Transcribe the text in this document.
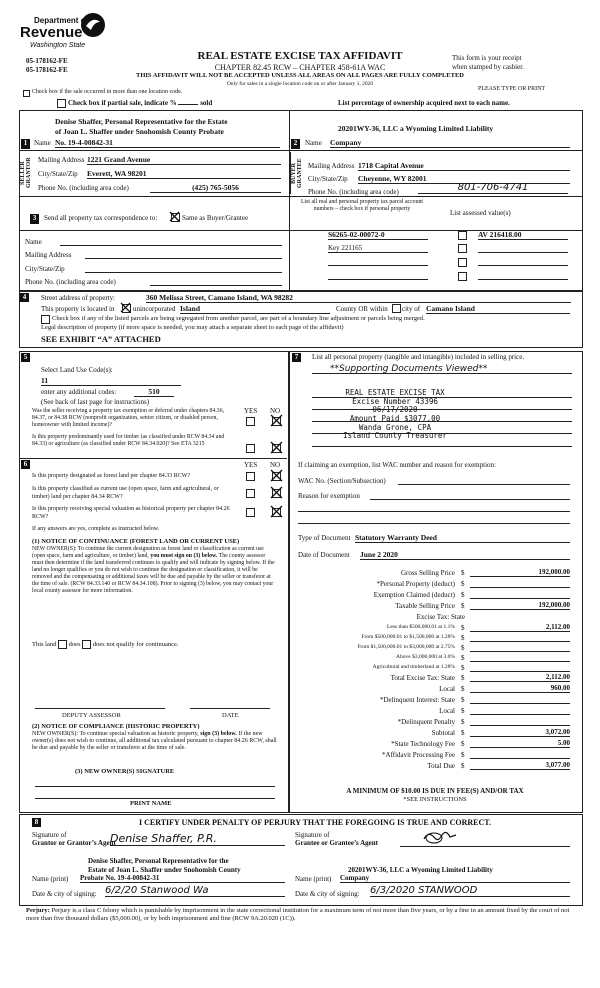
Department of
Revenue
Washington State
05-178162-FE
05-178162-FE
REAL ESTATE EXCISE TAX AFFIDAVIT
CHAPTER 82.45 RCW – CHAPTER 458-61A WAC
THIS AFFIDAVIT WILL NOT BE ACCEPTED UNLESS ALL AREAS ON ALL PAGES ARE FULLY COMPLETED
Only for sales in a single location code on or after January 1, 2020
This form is your receipt
when stamped by cashier.
PLEASE TYPE OR PRINT
Check box if the sale occurred in more than one location code.
Check box if partial sale, indicate %	sold	List percentage of ownership acquired next to each name.
1
Denise Shaffer, Personal Representative for the Estate
of Joan L. Shaffer under Snohomish County Probate
Name No. 19-4-00842-31
SELLER GRANTOR Mailing Address 1221 Grand Avenue
City/State/Zip Everett, WA 98201
Phone No. (including area code)	(425) 765-5056
2
20201WY-36, LLC a Wyoming Limited Liability
Name Company
BUYER GRANTEE Mailing Address 1718 Capital Avenue
City/State/Zip Cheyenne, WY 82001
Phone No. (including area code)	801-706-4741
3	Send all property tax correspondence to:	Same as Buyer/Grantee
Name
Mailing Address
City/State/Zip
Phone No. (including area code)
List all real and personal property tax parcel account numbers – check box if personal property
List assessed value(s)
S6265-02-00072-0	AV 216418.00
Key 221165
4	Street address of property:	360 Melissa Street, Camano Island, WA 98282
This property is located in	unincorporated Island	County OR within city of Camano Island
Check box if any of the listed parcels are being segregated from another parcel, are part of a boundary line adjustment or parcels being merged.
Legal description of property (if more space is needed, you may attach a separate sheet to each page of the affidavit)
SEE EXHIBIT “A” ATTACHED
5
Select Land Use Code(s):
11
enter any additional codes:	510
(See back of last page for instructions)
YES NO
Was the seller receiving a property tax exemption or deferral under chapters 84.36, 84.37, or 84.38 RCW (nonprofit organization, senior citizen, or disabled person, homeowner with limited income)?
Is this property predominantly used for timber (as classified under RCW 84.34 and 84.33) or agriculture (as classified under RCW 84.34.020)? See ETA 3215
6	YES NO
Is this property designated as forest land per chapter 84.33 RCW?
Is this property classified as current use (open space, farm and agricultural, or timber) land per chapter 84.34 RCW?
Is this property receiving special valuation as historical property per chapter 84.26 RCW?
If any answers are yes, complete as instructed below.
(1) NOTICE OF CONTINUANCE (FOREST LAND OR CURRENT USE)
NEW OWNER(S): To continue the current designation as forest land or classification as current use (open space, farm and agriculture, or timber) land, you must sign on (3) below. The county assessor must then determine if the land transferred continues to qualify and will indicate by signing below. If the land no longer qualifies or you do not wish to continue the designation or classification, it will be removed and the compensating or additional taxes will be due and payable by the seller or transferor at the time of sale. (RCW 84.33.140 or RCW 84.34.108). Prior to signing (3) below, you may contact your local county assessor for more information.
This land does does not qualify for continuance.
DEPUTY ASSESSOR	DATE
(2) NOTICE OF COMPLIANCE (HISTORIC PROPERTY)
NEW OWNER(S): To continue special valuation as historic property, sign (3) below. If the new owner(s) does not wish to continue, all additional tax calculated pursuant to chapter 84.26 RCW, shall be due and payable by the seller or transferor at the time of sale.
(3) NEW OWNER(S) SIGNATURE
PRINT NAME
7	List all personal property (tangible and intangible) included in selling price.
**Supporting Documents Viewed**
REAL ESTATE EXCISE TAX
Excise Number 43396
06/17/2020
Amount Paid $3077.00
Wanda Grone, CPA
Island County Treasurer
If claiming an exemption, list WAC number and reason for exemption:
WAC No. (Section/Subsection)
Reason for exemption
Type of Document Statutory Warranty Deed
Date of Document June 2 2020
Gross Selling Price $	192,000.00
*Personal Property (deduct) $
Exemption Claimed (deduct) $
Taxable Selling Price $	192,000.00
Excise Tax: State
Less than $500,000.01 at 1.1% $	2,112.00
From $500,000.01 to $1,500,000 at 1.28% $
From $1,500,000.01 to $3,000,000 at 2.75% $
Above $3,000,000 at 3.0% $
Agricultural and timberland at 1.28% $
Total Excise Tax: State $	2,112.00
Local $	960.00
*Delinquent Interest: State $
Local $
*Delinquent Penalty $
Subtotal $	3,072.00
*State Technology Fee $	5.00
*Affidavit Processing Fee $
Total Due $	3,077.00
A MINIMUM OF $10.00 IS DUE IN FEE(S) AND/OR TAX
*SEE INSTRUCTIONS
8	I CERTIFY UNDER PENALTY OF PERJURY THAT THE FOREGOING IS TRUE AND CORRECT.
Signature of
Grantor or Grantor’s Agent
Denise Shaffer, P.R.	Signature of
Grantee or Grantee’s Agent
Denise Shaffer, Personal Representative for the
Estate of Joan L. Shaffer under Snohomish County
Name (print) Probate No. 19-4-00842-31
20201WY-36, LLC a Wyoming Limited Liability
Name (print) Company
Date & city of signing: 6/2/20 Stanwood Wa	Date & city of signing: 6/3/2020 STANWOOD
Perjury: Perjury is a class C felony which is punishable by imprisonment in the state correctional institution for a maximum term of not more than five years, or by a fine in an amount fixed by the court of not more than five thousand dollars ($5,000.00), or by both imprisonment and fine (RCW 9A.20.020 (1C)).
